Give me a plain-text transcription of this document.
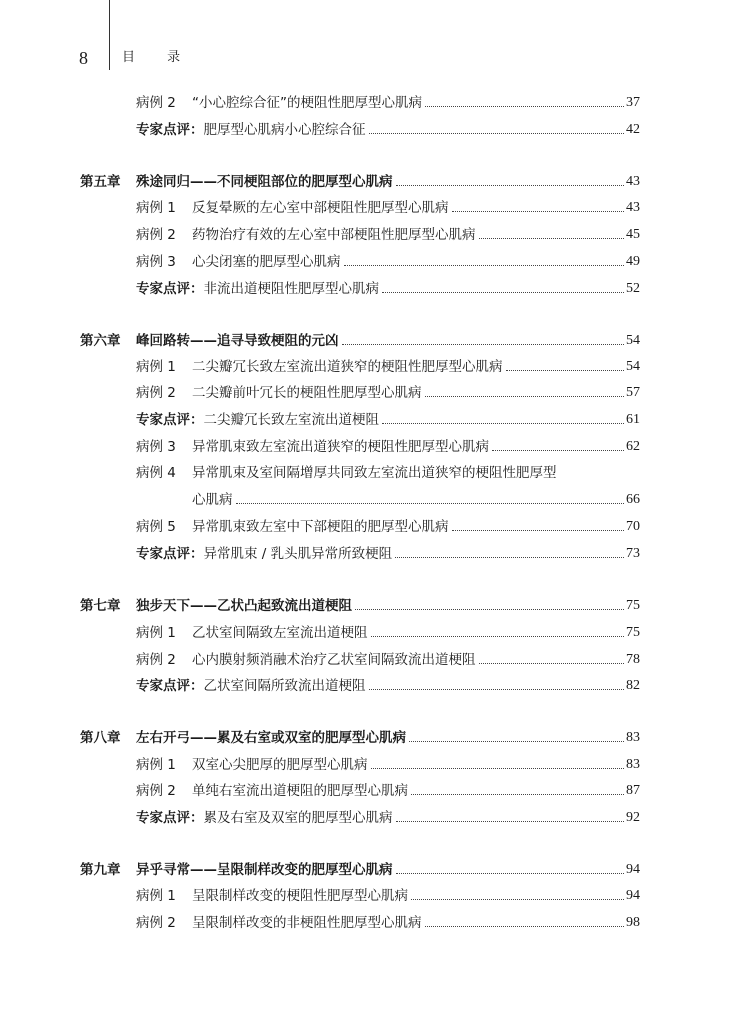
8	目 录
病例 2	“小心腔综合征”的梗阻性肥厚型心肌病	37
专家点评： 肥厚型心肌病小心腔综合征	42
第五章	殊途同归——不同梗阻部位的肥厚型心肌病	43
病例 1	反复晕厥的左心室中部梗阻性肥厚型心肌病	43
病例 2	药物治疗有效的左心室中部梗阻性肥厚型心肌病	45
病例 3	心尖闭塞的肥厚型心肌病	49
专家点评： 非流出道梗阻性肥厚型心肌病	52
第六章	峰回路转——追寻导致梗阻的元凶	54
病例 1	二尖瓣冗长致左室流出道狭窄的梗阻性肥厚型心肌病	54
病例 2	二尖瓣前叶冗长的梗阻性肥厚型心肌病	57
专家点评： 二尖瓣冗长致左室流出道梗阻	61
病例 3	异常肌束致左室流出道狭窄的梗阻性肥厚型心肌病	62
病例 4	异常肌束及室间隔增厚共同致左室流出道狭窄的梗阻性肥厚型
心肌病	66
病例 5	异常肌束致左室中下部梗阻的肥厚型心肌病	70
专家点评： 异常肌束 / 乳头肌异常所致梗阻	73
第七章	独步天下——乙状凸起致流出道梗阻	75
病例 1	乙状室间隔致左室流出道梗阻	75
病例 2	心内膜射频消融术治疗乙状室间隔致流出道梗阻	78
专家点评： 乙状室间隔所致流出道梗阻	82
第八章	左右开弓——累及右室或双室的肥厚型心肌病	83
病例 1	双室心尖肥厚的肥厚型心肌病	83
病例 2	单纯右室流出道梗阻的肥厚型心肌病	87
专家点评： 累及右室及双室的肥厚型心肌病	92
第九章	异乎寻常——呈限制样改变的肥厚型心肌病	94
病例 1	呈限制样改变的梗阻性肥厚型心肌病	94
病例 2	呈限制样改变的非梗阻性肥厚型心肌病	98
